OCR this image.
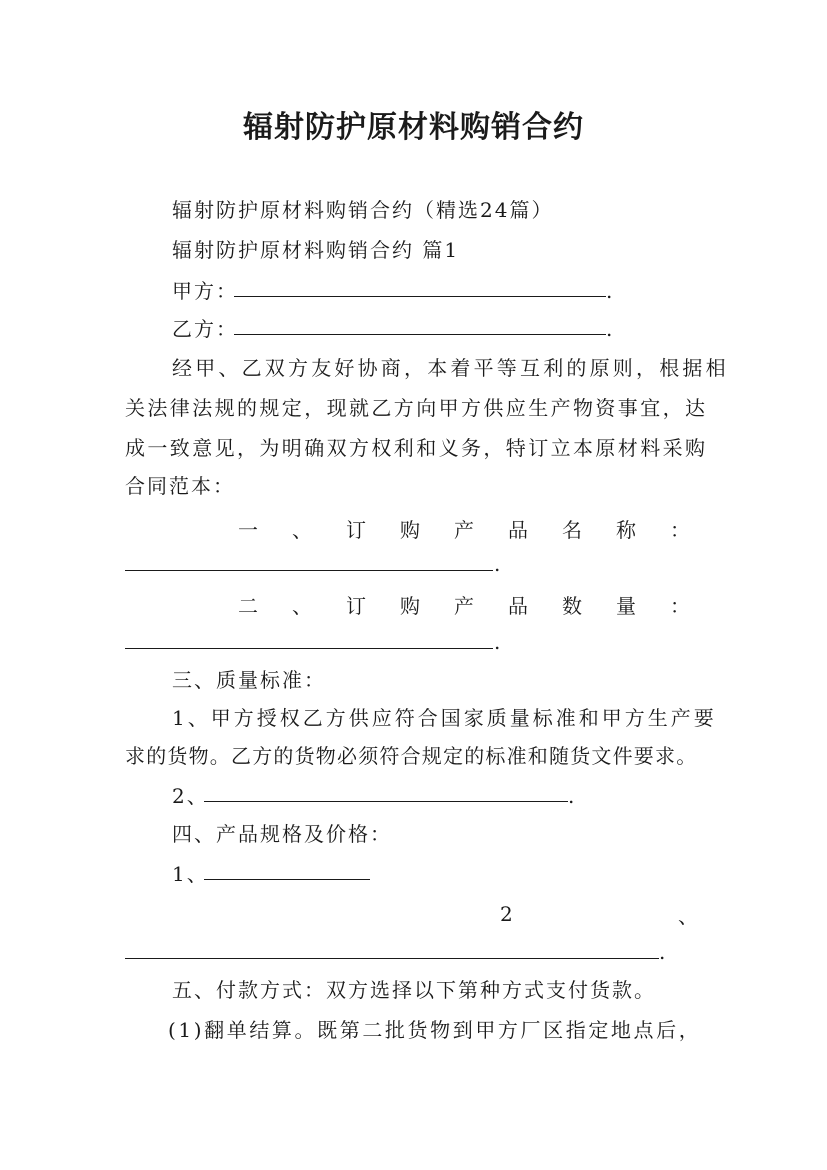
辐射防护原材料购销合约
辐射防护原材料购销合约（精选24篇）
辐射防护原材料购销合约 篇1
甲方：	.
乙方：	.
经甲、乙双方友好协商，本着平等互利的原则，根据相
关法律法规的规定，现就乙方向甲方供应生产物资事宜，达
成一致意见，为明确双方权利和义务，特订立本原材料采购
合同范本：
一 、 订 购 产 品 名 称 ：
.
二 、 订 购 产 品 数 量 ：
.
三、质量标准：
1、甲方授权乙方供应符合国家质量标准和甲方生产要
求的货物。乙方的货物必须符合规定的标准和随货文件要求。
2、	.
四、产品规格及价格：
1、
2	、
.
五、付款方式：双方选择以下第种方式支付货款。
(1)翻单结算。既第二批货物到甲方厂区指定地点后，
